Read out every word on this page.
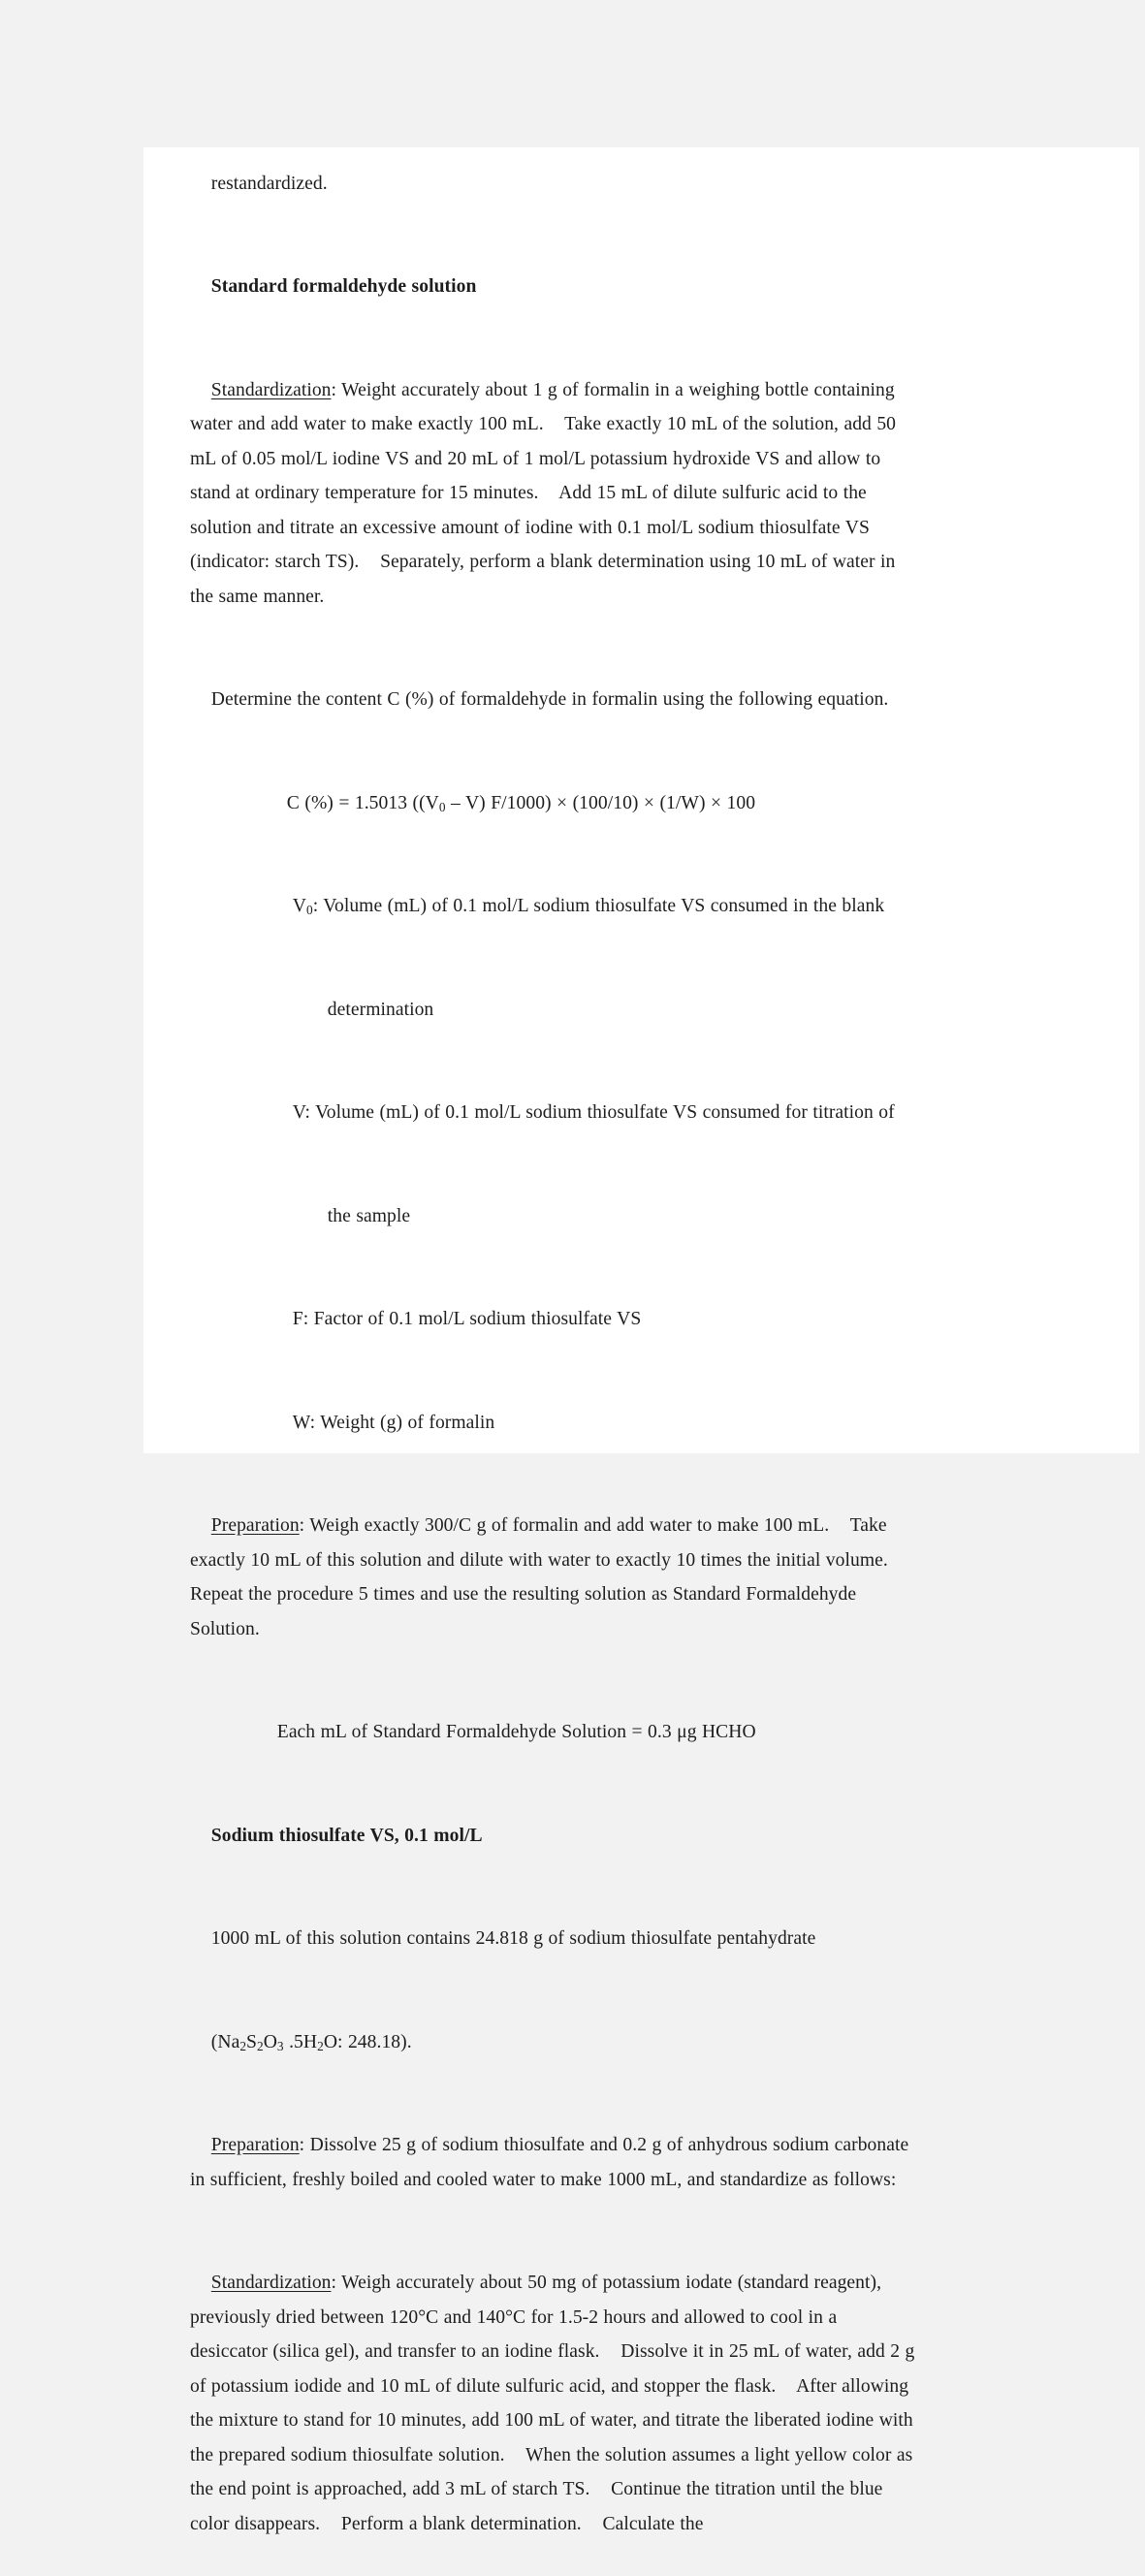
restandardized.

Standard formaldehyde solution

Standardization: Weight accurately about 1 g of formalin in a weighing bottle containing water and add water to make exactly 100 mL.    Take exactly 10 mL of the solution, add 50 mL of 0.05 mol/L iodine VS and 20 mL of 1 mol/L potassium hydroxide VS and allow to stand at ordinary temperature for 15 minutes.    Add 15 mL of dilute sulfuric acid to the solution and titrate an excessive amount of iodine with 0.1 mol/L sodium thiosulfate VS (indicator: starch TS).    Separately, perform a blank determination using 10 mL of water in the same manner.

Determine the content C (%) of formaldehyde in formalin using the following equation.

C (%) = 1.5013 $((V_0 - V) F/1000) \times (100/10) \times (1/W) \times 100$

$V_0$: Volume (mL) of 0.1 mol/L sodium thiosulfate VS consumed in the blank

determination

V: Volume (mL) of 0.1 mol/L sodium thiosulfate VS consumed for titration of

the sample

F: Factor of 0.1 mol/L sodium thiosulfate VS

W: Weight (g) of formalin

Preparation: Weigh exactly 300/C g of formalin and add water to make 100 mL.    Take exactly 10 mL of this solution and dilute with water to exactly 10 times the initial volume. Repeat the procedure 5 times and use the resulting solution as Standard Formaldehyde Solution.

Each mL of Standard Formaldehyde Solution = 0.3 μg HCHO

Sodium thiosulfate VS, 0.1 mol/L

1000 mL of this solution contains 24.818 g of sodium thiosulfate pentahydrate

($Na_2S_2O_3$ $.5H_2O$: 248.18).

Preparation: Dissolve 25 g of sodium thiosulfate and 0.2 g of anhydrous sodium carbonate in sufficient, freshly boiled and cooled water to make 1000 mL, and standardize as follows:

Standardization: Weigh accurately about 50 mg of potassium iodate (standard reagent), previously dried between 120°C and 140°C for 1.5-2 hours and allowed to cool in a desiccator (silica gel), and transfer to an iodine flask.    Dissolve it in 25 mL of water, add 2 g of potassium iodide and 10 mL of dilute sulfuric acid, and stopper the flask.    After allowing the mixture to stand for 10 minutes, add 100 mL of water, and titrate the liberated iodine with the prepared sodium thiosulfate solution.    When the solution assumes a light yellow color as the end point is approached, add 3 mL of starch TS.    Continue the titration until the blue color disappears.    Perform a blank determination.    Calculate the
